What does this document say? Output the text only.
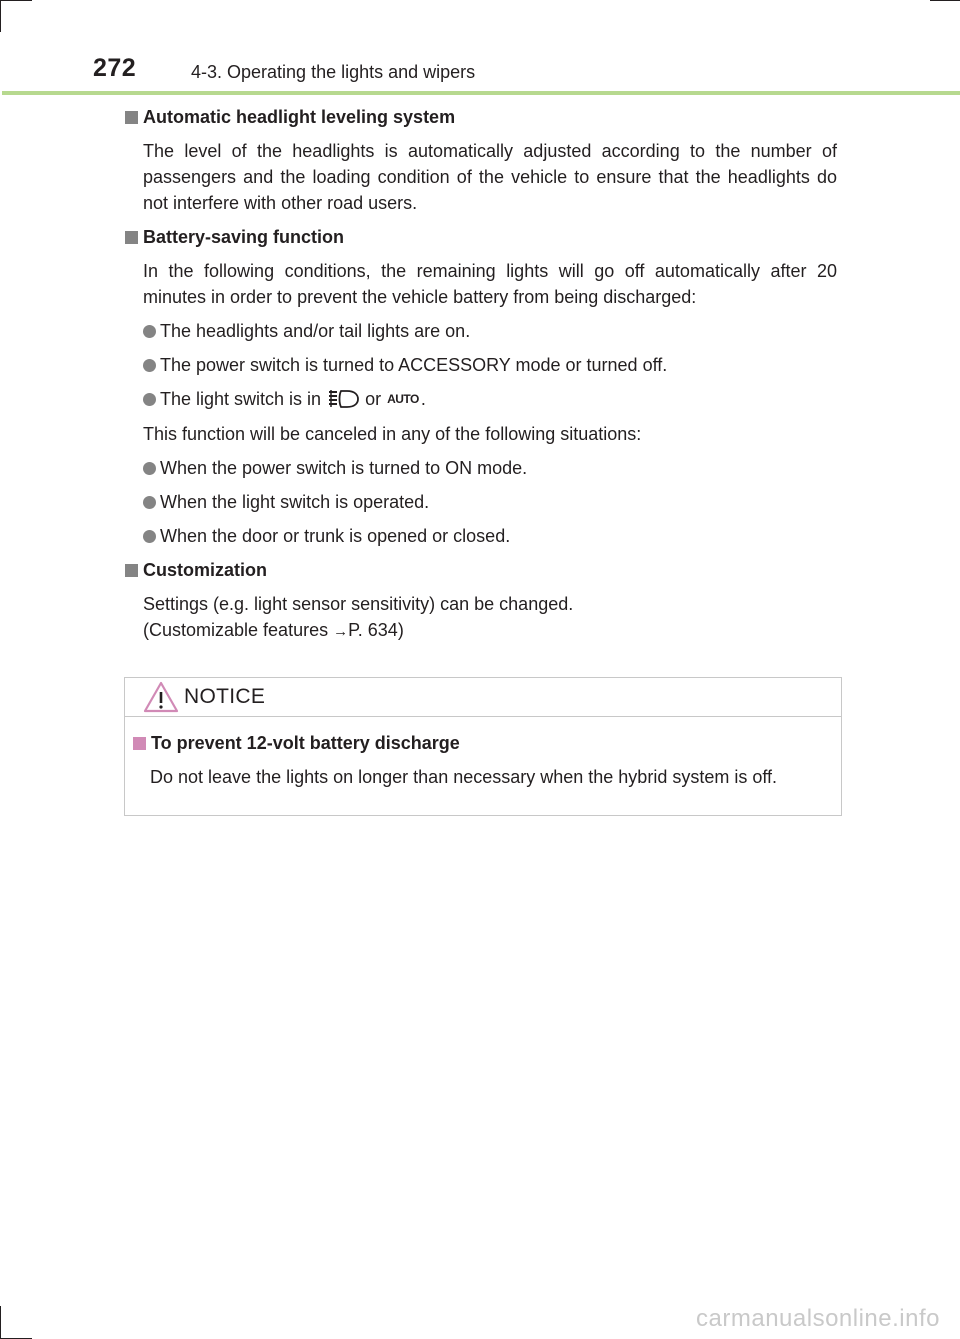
272	4-3. Operating the lights and wipers
Automatic headlight leveling system

The level of the headlights is automatically adjusted according to the number of passengers and the loading condition of the vehicle to ensure that the headlights do not interfere with other road users.

Battery-saving function

In the following conditions, the remaining lights will go off automatically after 20 minutes in order to prevent the vehicle battery from being discharged:

The headlights and/or tail lights are on.
The power switch is turned to ACCESSORY mode or turned off.
The light switch is in or AUTO .

This function will be canceled in any of the following situations:

When the power switch is turned to ON mode.
When the light switch is operated.
When the door or trunk is opened or closed.
Customization

Settings (e.g. light sensor sensitivity) can be changed.
(Customizable features →P. 634)

NOTICE
To prevent 12-volt battery discharge

Do not leave the lights on longer than necessary when the hybrid system is off.

carmanualsonline.info
